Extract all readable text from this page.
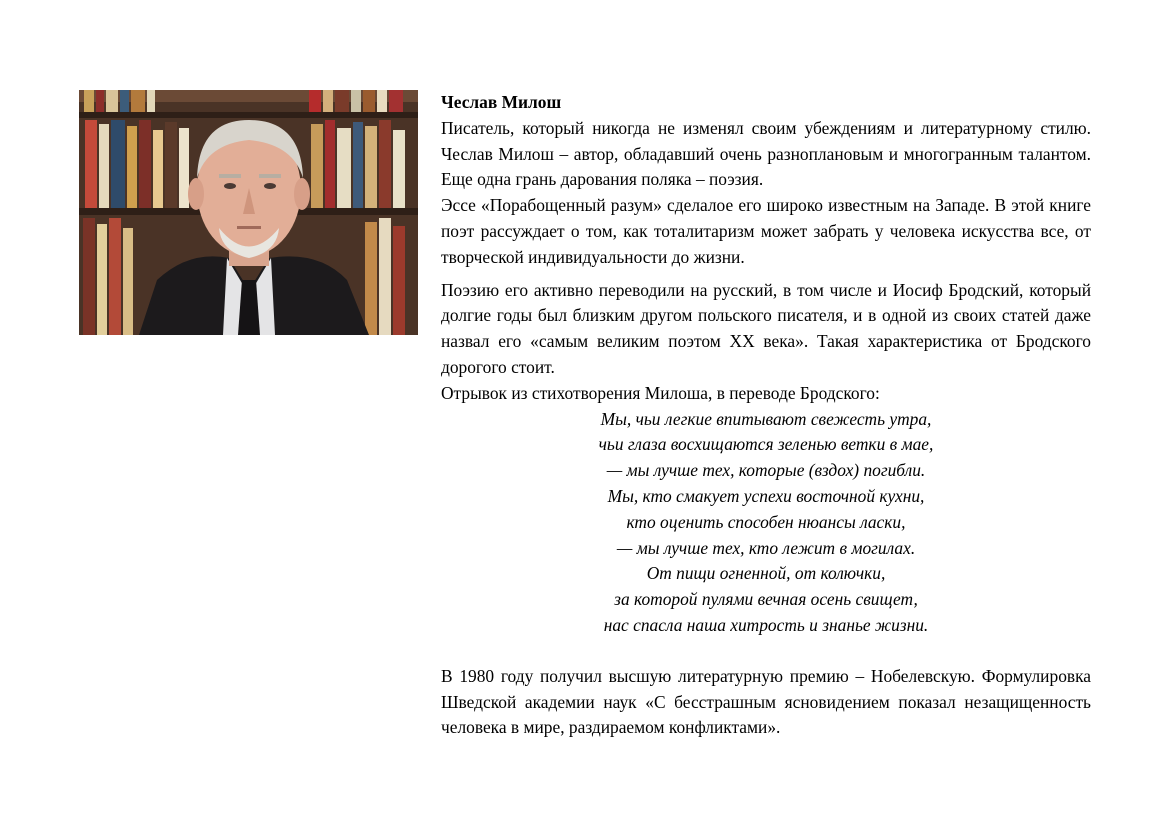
Чеслав Милош

Писатель, который никогда не изменял своим убеждениям и литературному стилю. Чеслав Милош – автор, обладавший очень разноплановым и многогранным талантом. Еще одна грань дарования поляка – поэзия.

Эссе «Порабощенный разум» сделалое его широко известным на Западе. В этой книге поэт рассуждает о том, как тоталитаризм может забрать у человека искусства все, от творческой индивидуальности до жизни.

Поэзию его активно переводили на русский, в том числе и Иосиф Бродский, который долгие годы был близким другом польского писателя, и в одной из своих статей даже назвал его «самым великим поэтом XX века». Такая характеристика от Бродского дорогого стоит.

Отрывок из стихотворения Милоша, в переводе Бродского:

Мы, чьи легкие впитывают свежесть утра,
чьи глаза восхищаются зеленью ветки в мае,
— мы лучше тех, которые (вздох) погибли.
Мы, кто смакует успехи восточной кухни,
кто оценить способен нюансы ласки,
— мы лучше тех, кто лежит в могилах.
От пищи огненной, от колючки,
за которой пулями вечная осень свищет,
нас спасла наша хитрость и знанье жизни.

В 1980 году получил высшую литературную премию – Нобелевскую. Формулировка Шведской академии наук «С бесстрашным ясновидением показал незащищенность человека в мире, раздираемом конфликтами».
